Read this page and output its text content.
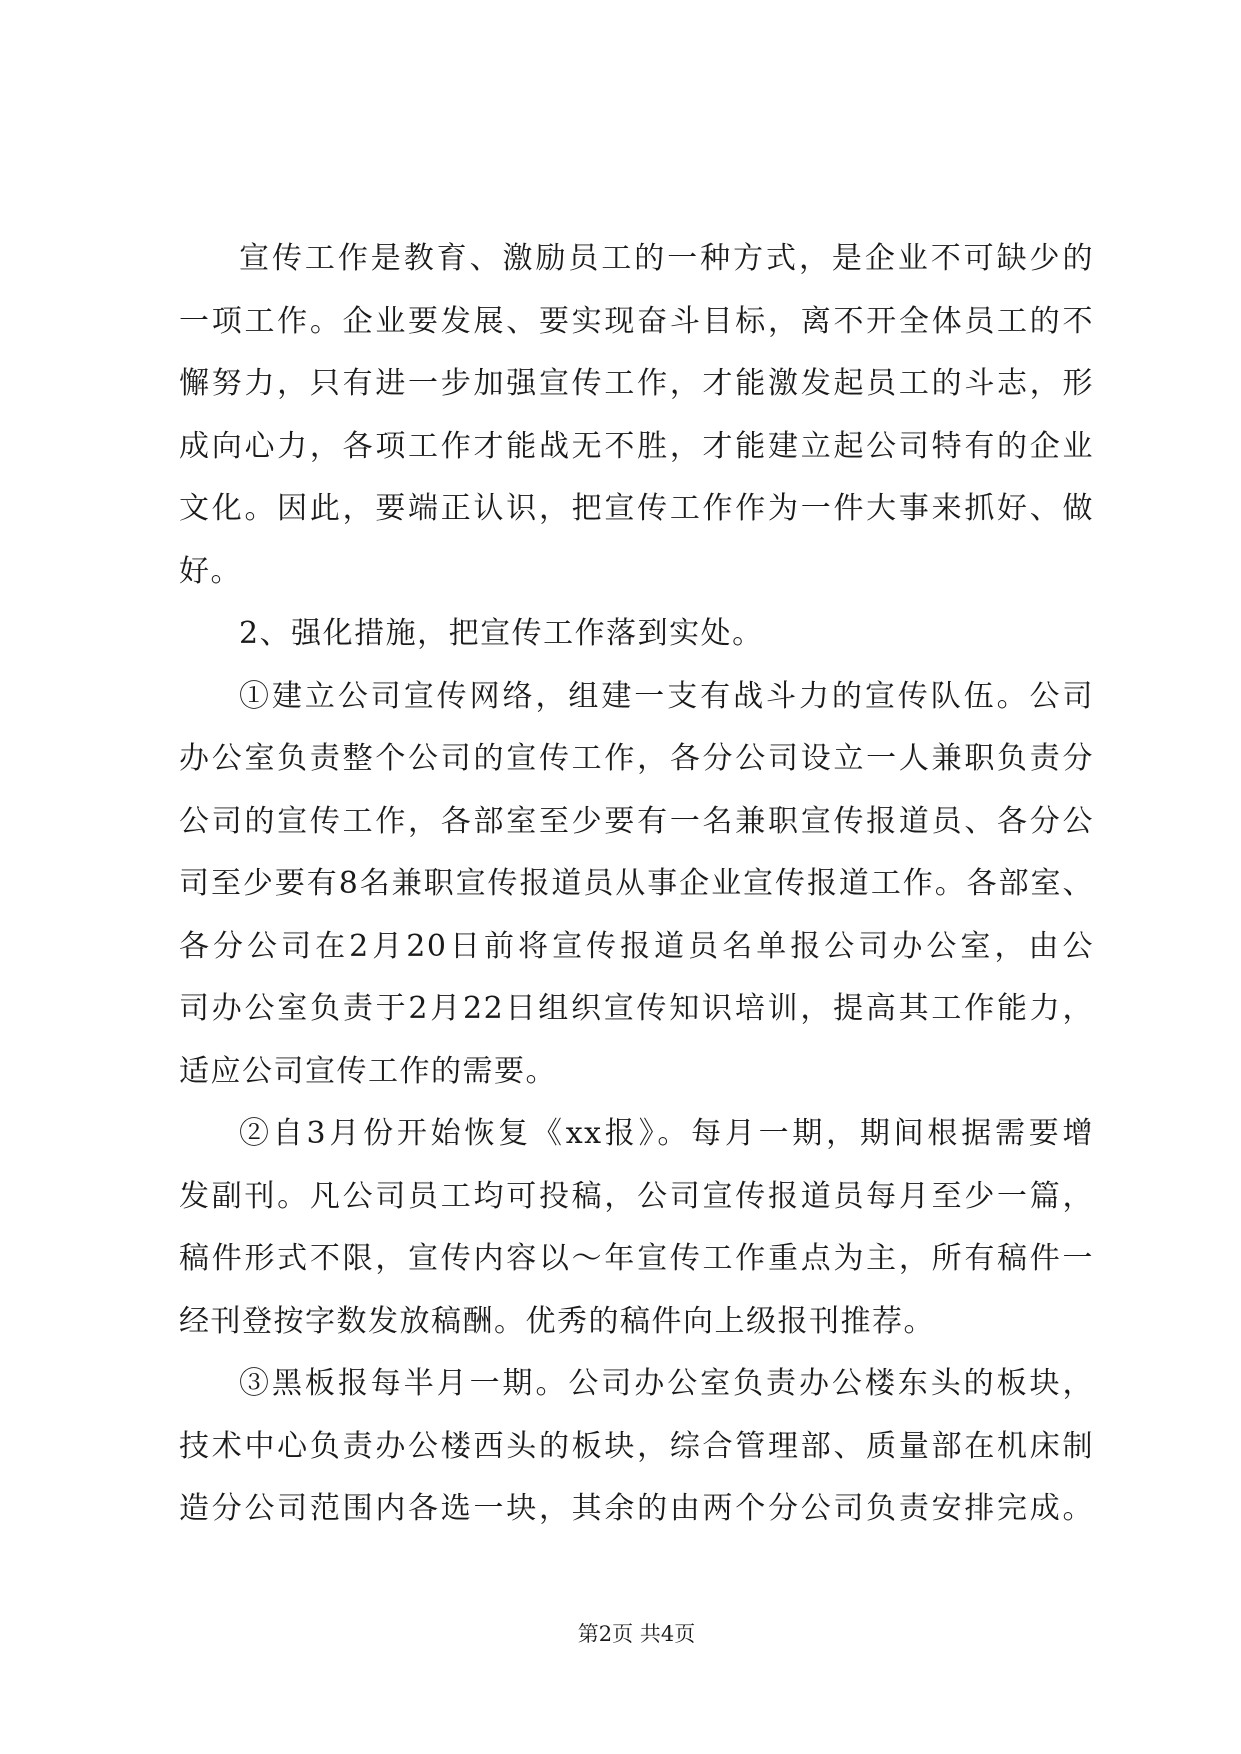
宣传工作是教育、激励员工的一种方式，是企业不可缺少的
一项工作。企业要发展、要实现奋斗目标，离不开全体员工的不
懈努力，只有进一步加强宣传工作，才能激发起员工的斗志，形
成向心力，各项工作才能战无不胜，才能建立起公司特有的企业
文化。因此，要端正认识，把宣传工作作为一件大事来抓好、做
好。
2、强化措施，把宣传工作落到实处。
①建立公司宣传网络，组建一支有战斗力的宣传队伍。公司
办公室负责整个公司的宣传工作，各分公司设立一人兼职负责分
公司的宣传工作，各部室至少要有一名兼职宣传报道员、各分公
司至少要有8名兼职宣传报道员从事企业宣传报道工作。各部室、
各分公司在2月20日前将宣传报道员名单报公司办公室，由公
司办公室负责于2月22日组织宣传知识培训，提高其工作能力，
适应公司宣传工作的需要。
②自3月份开始恢复《xx报》。每月一期，期间根据需要增
发副刊。凡公司员工均可投稿，公司宣传报道员每月至少一篇，
稿件形式不限，宣传内容以～年宣传工作重点为主，所有稿件一
经刊登按字数发放稿酬。优秀的稿件向上级报刊推荐。
③黑板报每半月一期。公司办公室负责办公楼东头的板块，
技术中心负责办公楼西头的板块，综合管理部、质量部在机床制
造分公司范围内各选一块，其余的由两个分公司负责安排完成。
第2页 共4页
